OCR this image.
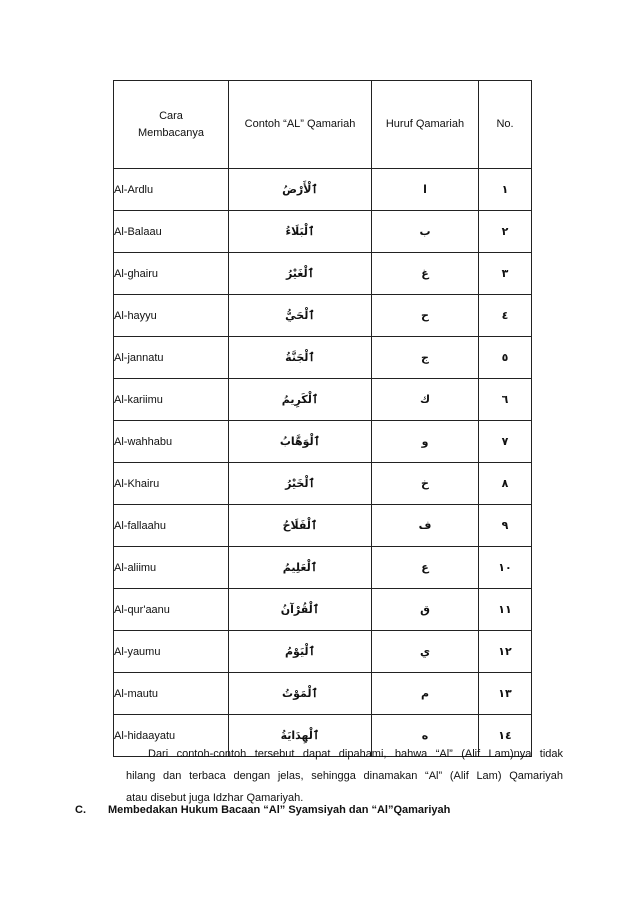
Cara
Membacanya	Contoh “AL” Qamariah	Huruf Qamariah	No.
Al-Ardlu	ٱلْأَرْضُ	ا	١
Al-Balaau	ٱلْبَلَاءُ	ب	٢
Al-ghairu	ٱلْغَيْرُ	غ	٣
Al-hayyu	ٱلْحَيُّ	ح	٤
Al-jannatu	ٱلْجَنَّةُ	ج	٥
Al-kariimu	ٱلْكَرِيمُ	ك	٦
Al-wahhabu	ٱلْوَهَّابُ	و	٧
Al-Khairu	ٱلْخَيْرُ	خ	٨
Al-fallaahu	ٱلْفَلَاحُ	ف	٩
Al-aliimu	ٱلْعَلِيمُ	ع	١٠
Al-qur'aanu	ٱلْقُرْآنُ	ق	١١
Al-yaumu	ٱلْيَوْمُ	ي	١٢
Al-mautu	ٱلْمَوْتُ	م	١٣
Al-hidaayatu	ٱلْهِدَايَةُ	ه	١٤
Dari contoh-contoh tersebut dapat dipahami, bahwa “Al” (Alif Lam)nya tidak
hilang dan terbaca dengan jelas, sehingga dinamakan “Al” (Alif Lam) Qamariyah
atau disebut juga Idzhar Qamariyah.
C. Membedakan Hukum Bacaan “Al” Syamsiyah dan “Al”Qamariyah
